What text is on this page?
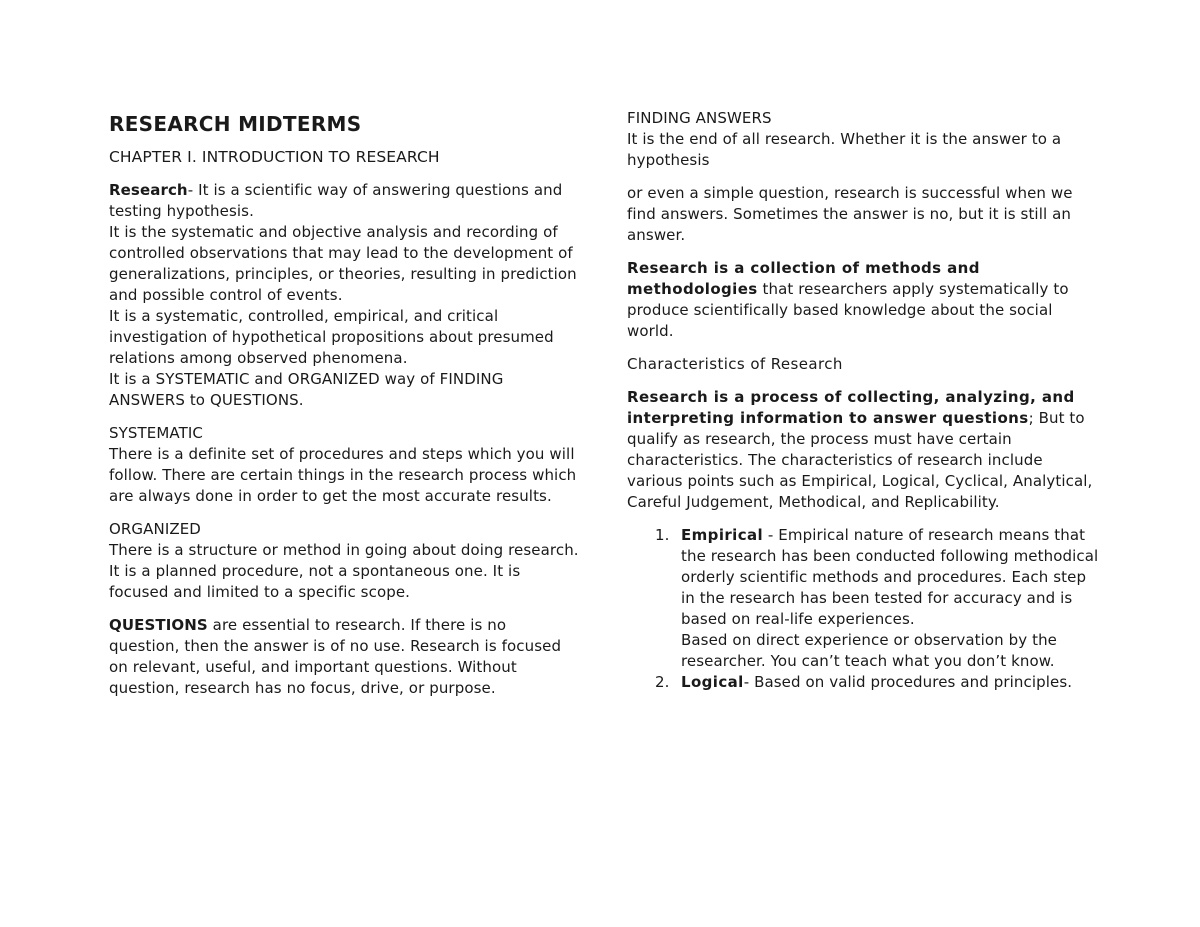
RESEARCH MIDTERMS
CHAPTER I. INTRODUCTION TO RESEARCH

Research- It is a scientific way of answering questions and testing hypothesis.
It is the systematic and objective analysis and recording of controlled observations that may lead to the development of generalizations, principles, or theories, resulting in prediction and possible control of events.
It is a systematic, controlled, empirical, and critical investigation of hypothetical propositions about presumed relations among observed phenomena.
It is a SYSTEMATIC and ORGANIZED way of FINDING ANSWERS to QUESTIONS.

SYSTEMATIC
There is a definite set of procedures and steps which you will follow. There are certain things in the research process which are always done in order to get the most accurate results.
ORGANIZED
There is a structure or method in going about doing research. It is a planned procedure, not a spontaneous one. It is focused and limited to a specific scope.

QUESTIONS are essential to research. If there is no question, then the answer is of no use. Research is focused on relevant, useful, and important questions. Without question, research has no focus, drive, or purpose.

FINDING ANSWERS
It is the end of all research. Whether it is the answer to a hypothesis

or even a simple question, research is successful when we find answers. Sometimes the answer is no, but it is still an answer.

Research is a collection of methods and methodologies that researchers apply systematically to produce scientifically based knowledge about the social world.

Characteristics of Research

Research is a process of collecting, analyzing, and interpreting information to answer questions; But to qualify as research, the process must have certain characteristics. The characteristics of research include various points such as Empirical, Logical, Cyclical, Analytical, Careful Judgement, Methodical, and Replicability.

1. Empirical - Empirical nature of research means that the research has been conducted following methodical orderly scientific methods and procedures. Each step in the research has been tested for accuracy and is based on real-life experiences.
Based on direct experience or observation by the researcher. You can’t teach what you don’t know.
2. Logical- Based on valid procedures and principles.
